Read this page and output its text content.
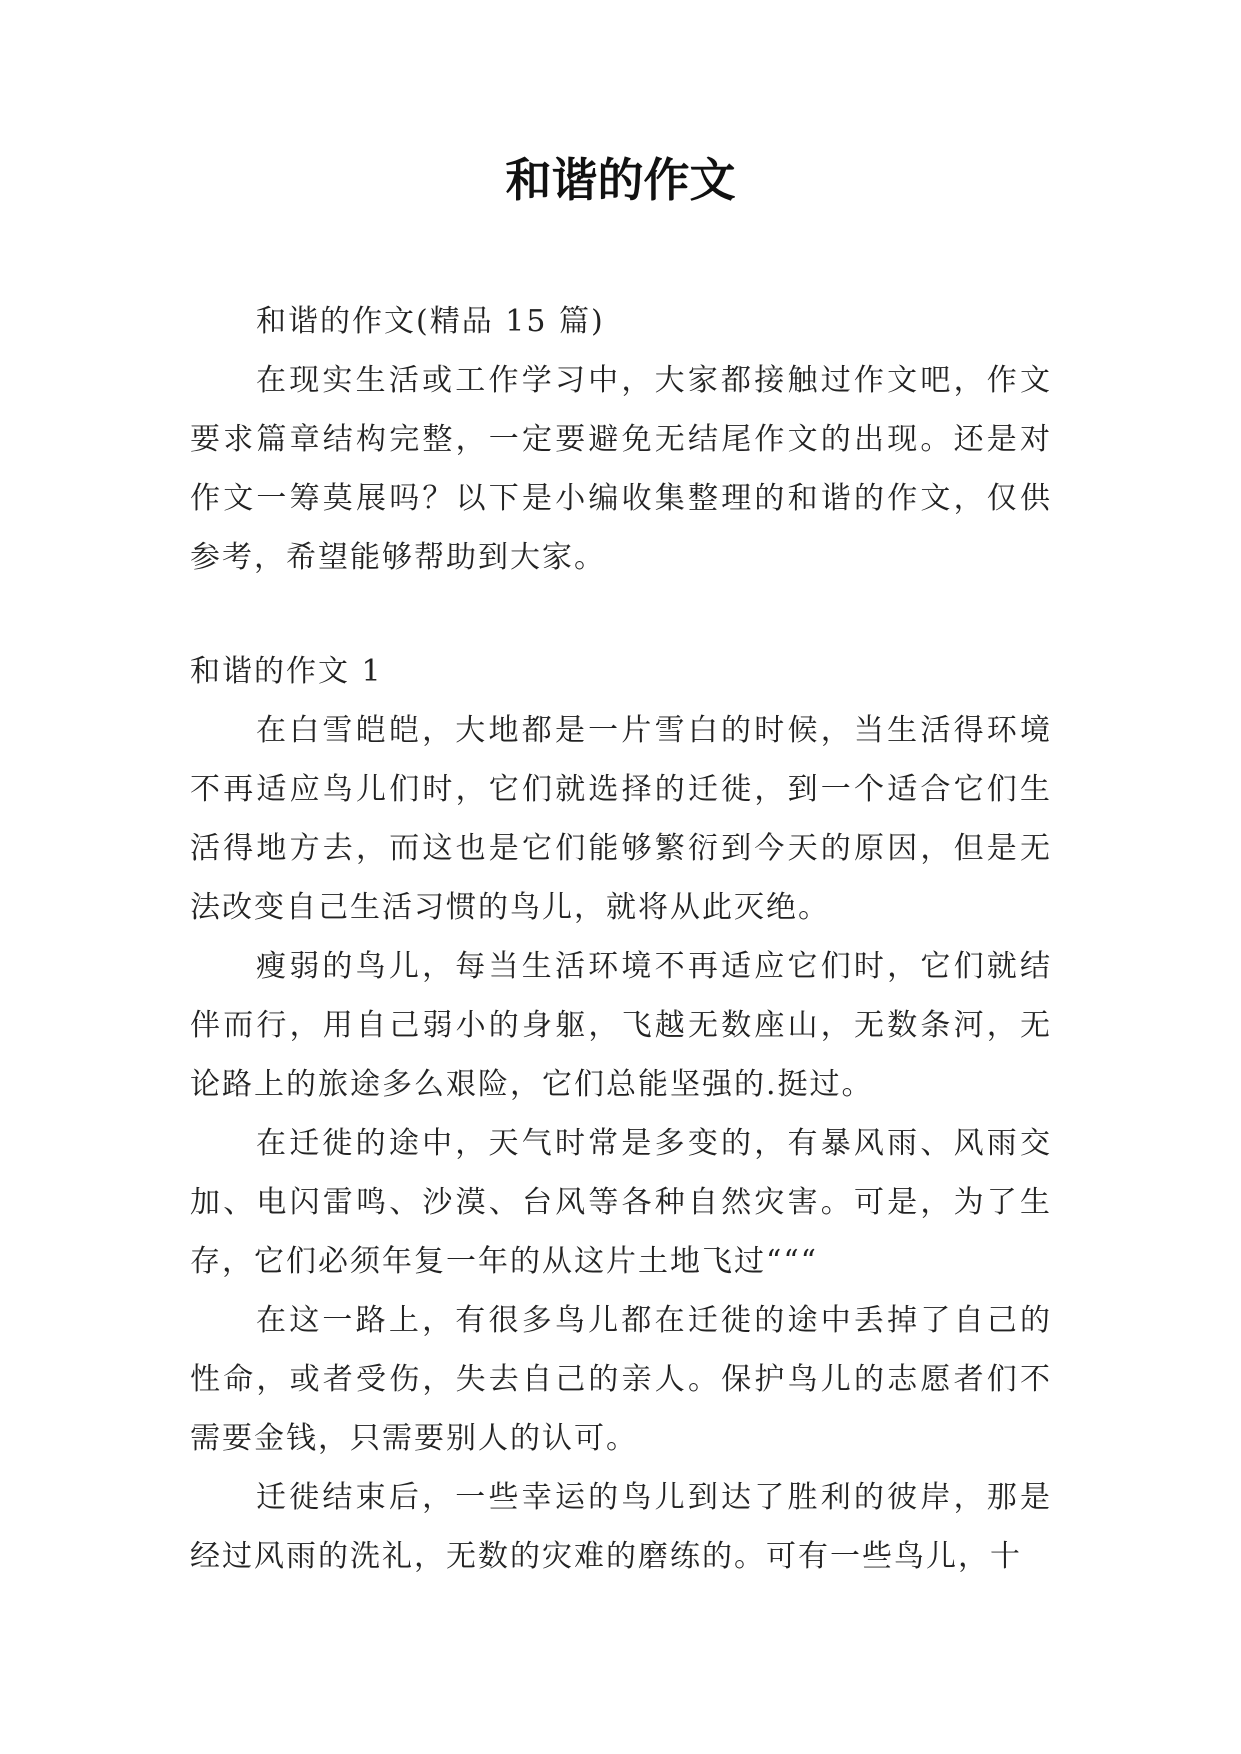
和谐的作文

和谐的作文(精品 15 篇)

在现实生活或工作学习中，大家都接触过作文吧，作文要求篇章结构完整，一定要避免无结尾作文的出现。还是对作文一筹莫展吗？以下是小编收集整理的和谐的作文，仅供参考，希望能够帮助到大家。

和谐的作文 1

在白雪皑皑，大地都是一片雪白的时候，当生活得环境不再适应鸟儿们时，它们就选择的迁徙，到一个适合它们生活得地方去，而这也是它们能够繁衍到今天的原因，但是无法改变自己生活习惯的鸟儿，就将从此灭绝。

瘦弱的鸟儿，每当生活环境不再适应它们时，它们就结伴而行，用自己弱小的身躯，飞越无数座山，无数条河，无论路上的旅途多么艰险，它们总能坚强的.挺过。

在迁徙的途中，天气时常是多变的，有暴风雨、风雨交加、电闪雷鸣、沙漠、台风等各种自然灾害。可是，为了生存，它们必须年复一年的从这片土地飞过“““

在这一路上，有很多鸟儿都在迁徙的途中丢掉了自己的性命，或者受伤，失去自己的亲人。保护鸟儿的志愿者们不需要金钱，只需要别人的认可。

迁徙结束后，一些幸运的鸟儿到达了胜利的彼岸，那是经过风雨的洗礼，无数的灾难的磨练的。可有一些鸟儿，十
